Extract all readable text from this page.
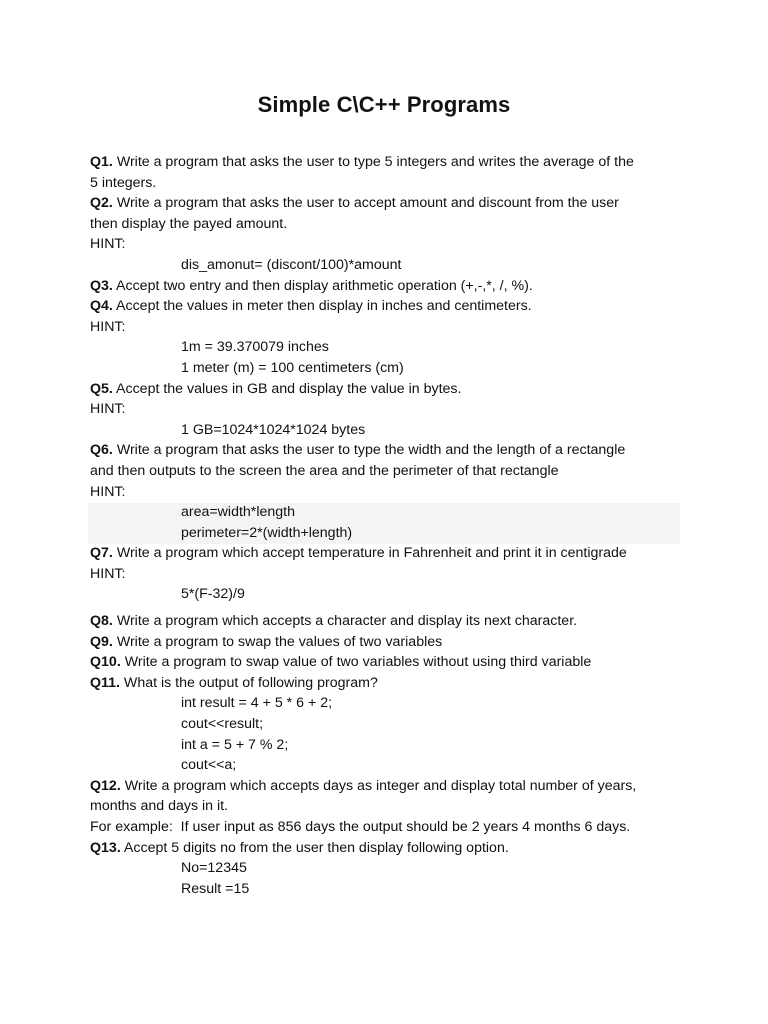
Simple C\C++ Programs
Q1. Write a program that asks the user to type 5 integers and writes the average of the
5 integers.
Q2. Write a program that asks the user to accept amount and discount from the user
then display the payed amount.
HINT:
dis_amonut= (discont/100)*amount
Q3. Accept two entry and then display arithmetic operation (+,-,*, /, %).
Q4. Accept the values in meter then display in inches and centimeters.
HINT:
1m = 39.370079 inches
1 meter (m) = 100 centimeters (cm)
Q5. Accept the values in GB and display the value in bytes.
HINT:
1 GB=1024*1024*1024 bytes
Q6. Write a program that asks the user to type the width and the length of a rectangle
and then outputs to the screen the area and the perimeter of that rectangle
HINT:
area=width*length
perimeter=2*(width+length)
Q7. Write a program which accept temperature in Fahrenheit and print it in centigrade
HINT:
5*(F-32)/9
Q8. Write a program which accepts a character and display its next character.
Q9. Write a program to swap the values of two variables
Q10. Write a program to swap value of two variables without using third variable
Q11. What is the output of following program?
int result = 4 + 5 * 6 + 2;
cout<<result;
int a = 5 + 7 % 2;
cout<<a;
Q12. Write a program which accepts days as integer and display total number of years,
months and days in it.
For example:  If user input as 856 days the output should be 2 years 4 months 6 days.
Q13. Accept 5 digits no from the user then display following option.
No=12345
Result =15
